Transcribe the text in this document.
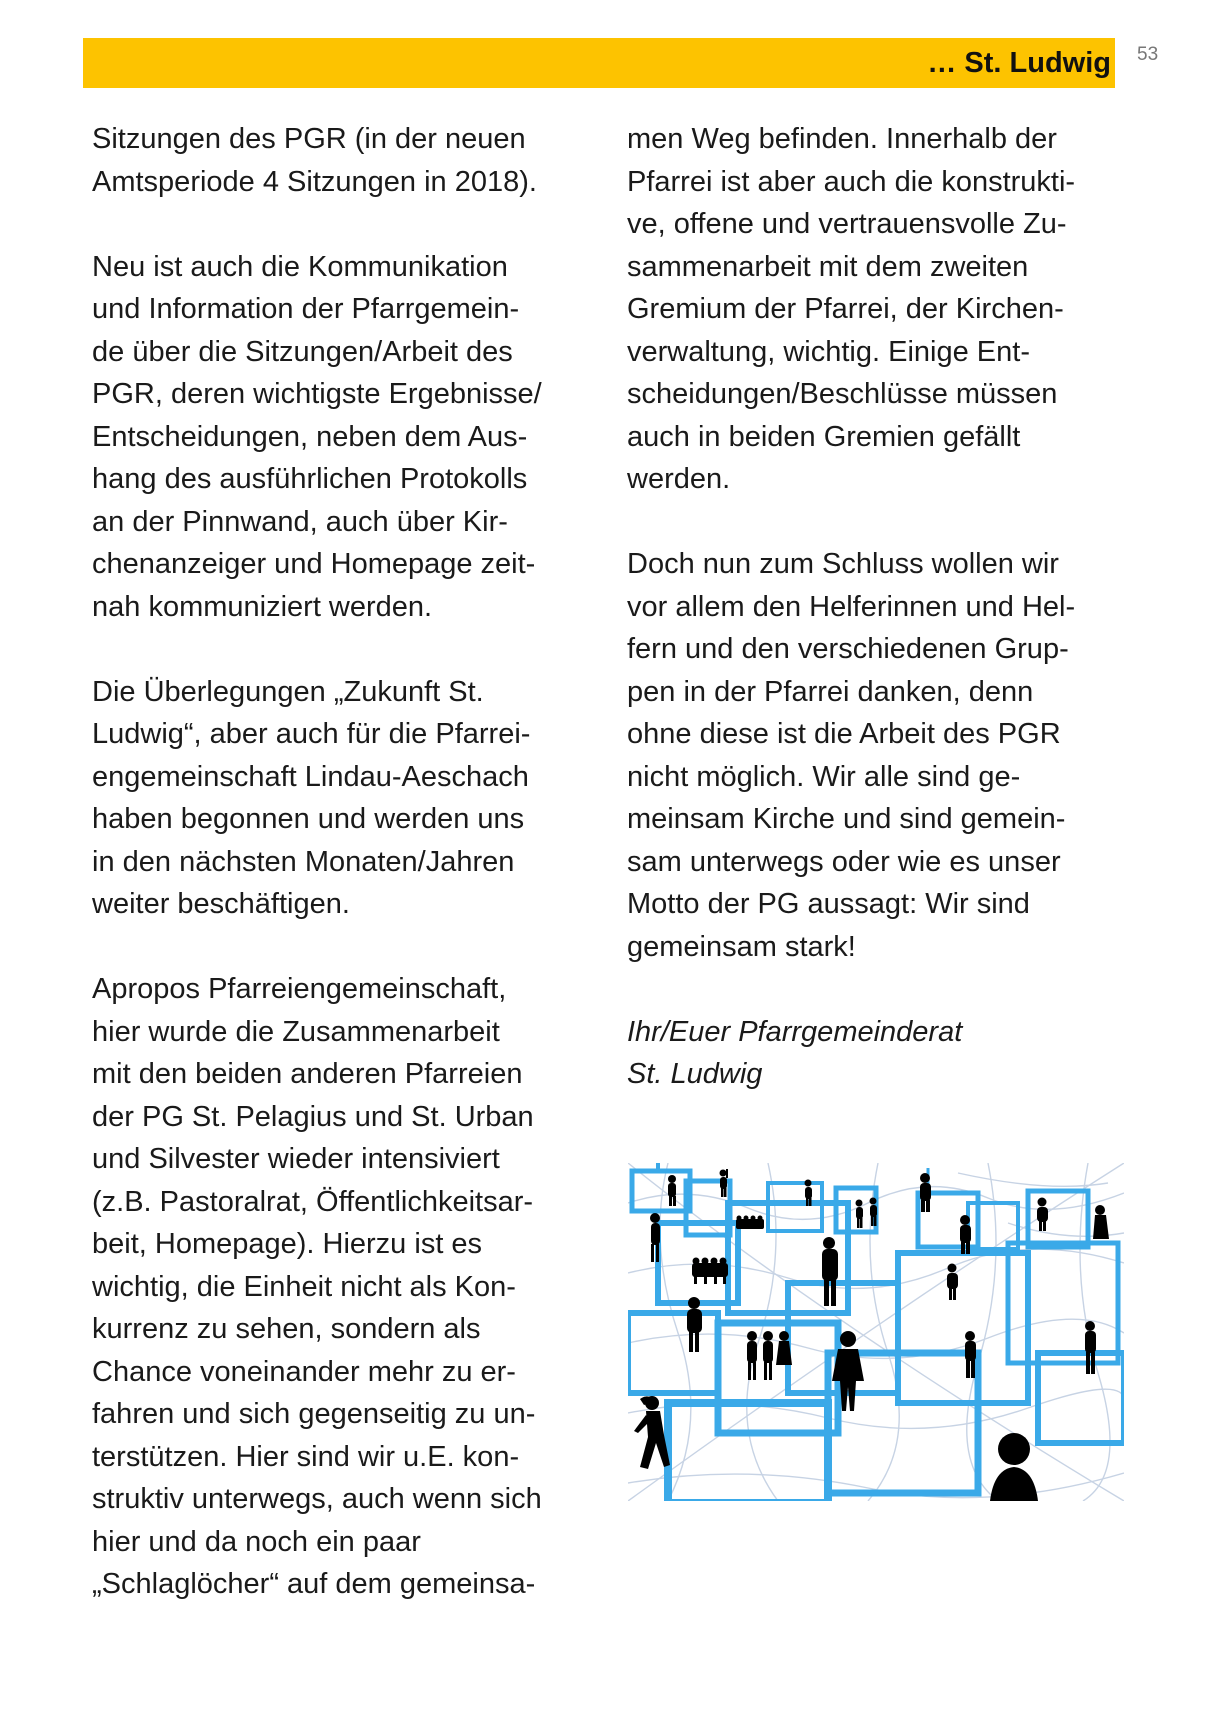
… St. Ludwig 53

Sitzungen des PGR (in der neuen
Amtsperiode 4 Sitzungen in 2018).

Neu ist auch die Kommunikation
und Information der Pfarrgemein-
de über die Sitzungen/Arbeit des
PGR, deren wichtigste Ergebnisse/
Entscheidungen, neben dem Aus-
hang des ausführlichen Protokolls
an der Pinnwand, auch über Kir-
chenanzeiger und Homepage zeit-
nah kommuniziert werden.

Die Überlegungen „Zukunft St.
Ludwig“, aber auch für die Pfarrei-
engemeinschaft Lindau-Aeschach
haben begonnen und werden uns
in den nächsten Monaten/Jahren
weiter beschäftigen.

Apropos Pfarreiengemeinschaft,
hier wurde die Zusammenarbeit
mit den beiden anderen Pfarreien
der PG St. Pelagius und St. Urban
und Silvester wieder intensiviert
(z.B. Pastoralrat, Öffentlichkeitsar-
beit, Homepage). Hierzu ist es
wichtig, die Einheit nicht als Kon-
kurrenz zu sehen, sondern als
Chance voneinander mehr zu er-
fahren und sich gegenseitig zu un-
terstützen. Hier sind wir u.E. kon-
struktiv unterwegs, auch wenn sich
hier und da noch ein paar
„Schlaglöcher“ auf dem gemeinsa-

men Weg befinden. Innerhalb der
Pfarrei ist aber auch die konstrukti-
ve, offene und vertrauensvolle Zu-
sammenarbeit mit dem zweiten
Gremium der Pfarrei, der Kirchen-
verwaltung, wichtig. Einige Ent-
scheidungen/Beschlüsse müssen
auch in beiden Gremien gefällt
werden.

Doch nun zum Schluss wollen wir
vor allem den Helferinnen und Hel-
fern und den verschiedenen Grup-
pen in der Pfarrei danken, denn
ohne diese ist die Arbeit des PGR
nicht möglich. Wir alle sind ge-
meinsam Kirche und sind gemein-
sam unterwegs oder wie es unser
Motto der PG aussagt: Wir sind
gemeinsam stark!

Ihr/Euer Pfarrgemeinderat
St. Ludwig
